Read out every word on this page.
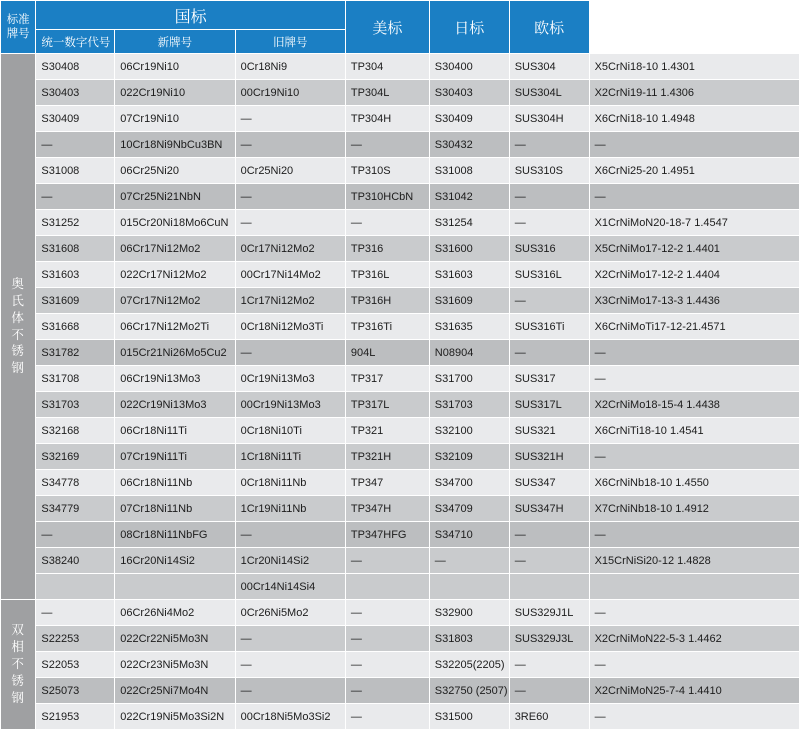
标准
牌号	国标			美标	日标	欧标	
	统一数字代号	新牌号	旧牌号				

奥
氏
体
不
锈
钢
	S30408	06Cr19Ni10	0Cr18Ni9	TP304	S30400	SUS304	X5CrNi18-10 1.4301
	S30403	022Cr19Ni10	00Cr19Ni10	TP304L	S30403	SUS304L	X2CrNi19-11 1.4306
	S30409	07Cr19Ni10	—	TP304H	S30409	SUS304H	X6CrNi18-10 1.4948
	—	10Cr18Ni9NbCu3BN	—	—	S30432	—	—
	S31008	06Cr25Ni20	0Cr25Ni20	TP310S	S31008	SUS310S	X6CrNi25-20 1.4951
	—	07Cr25Ni21NbN	—	TP310HCbN	S31042	—	—
	S31252	015Cr20Ni18Mo6CuN	—	—	S31254	—	X1CrNiMoN20-18-7 1.4547
	S31608	06Cr17Ni12Mo2	0Cr17Ni12Mo2	TP316	S31600	SUS316	X5CrNiMo17-12-2 1.4401
	S31603	022Cr17Ni12Mo2	00Cr17Ni14Mo2	TP316L	S31603	SUS316L	X2CrNiMo17-12-2 1.4404
	S31609	07Cr17Ni12Mo2	1Cr17Ni12Mo2	TP316H	S31609	—	X3CrNiMo17-13-3 1.4436
	S31668	06Cr17Ni12Mo2Ti	0Cr18Ni12Mo3Ti	TP316Ti	S31635	SUS316Ti	X6CrNiMoTi17-12-21.4571
	S31782	015Cr21Ni26Mo5Cu2	—	904L	N08904	—	—
	S31708	06Cr19Ni13Mo3	0Cr19Ni13Mo3	TP317	S31700	SUS317	—
	S31703	022Cr19Ni13Mo3	00Cr19Ni13Mo3	TP317L	S31703	SUS317L	X2CrNiMo18-15-4 1.4438
	S32168	06Cr18Ni11Ti	0Cr18Ni10Ti	TP321	S32100	SUS321	X6CrNiTi18-10 1.4541
	S32169	07Cr19Ni11Ti	1Cr18Ni11Ti	TP321H	S32109	SUS321H	—
	S34778	06Cr18Ni11Nb	0Cr18Ni11Nb	TP347	S34700	SUS347	X6CrNiNb18-10 1.4550
	S34779	07Cr18Ni11Nb	1Cr19Ni11Nb	TP347H	S34709	SUS347H	X7CrNiNb18-10 1.4912
	—	08Cr18Ni11NbFG	—	TP347HFG	S34710	—	—
	S38240	16Cr20Ni14Si2	1Cr20Ni14Si2	—	—	—	X15CrNiSi20-12 1.4828
			00Cr14Ni14Si4				

双
相
不
锈
钢	—	06Cr26Ni4Mo2	0Cr26Ni5Mo2	—	S32900	SUS329J1L	—
	S22253	022Cr22Ni5Mo3N	—	—	S31803	SUS329J3L	X2CrNiMoN22-5-3 1.4462
	S22053	022Cr23Ni5Mo3N	—	—	S32205(2205)	—	—
	S25073	022Cr25Ni7Mo4N	—	—	S32750 (2507)	—	X2CrNiMoN25-7-4 1.4410
	S21953	022Cr19Ni5Mo3Si2N	00Cr18Ni5Mo3Si2	—	S31500	3RE60	—
